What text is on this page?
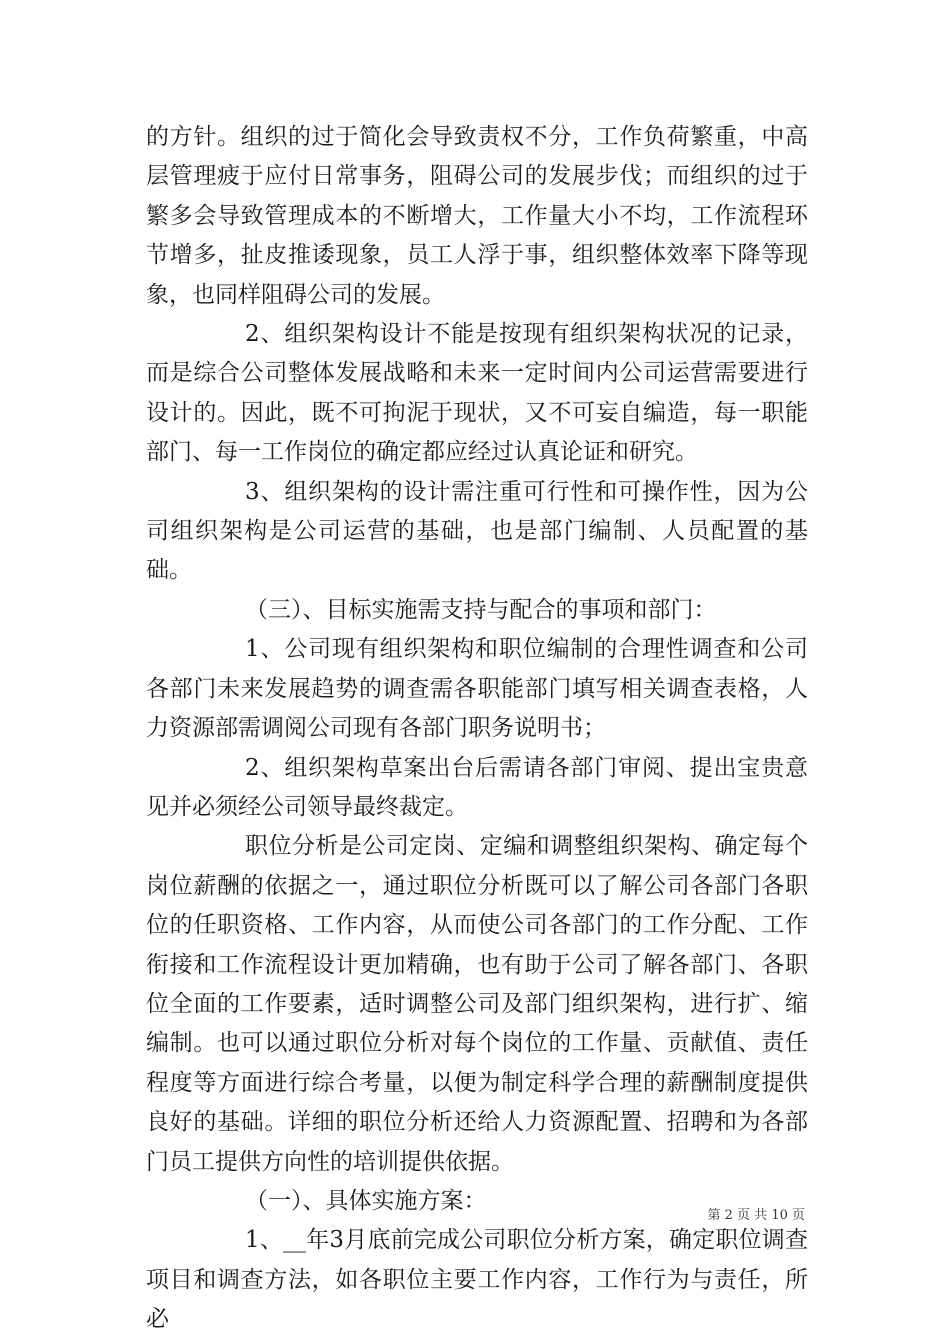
的方针。组织的过于简化会导致责权不分，工作负荷繁重，中高层管理疲于应付日常事务，阻碍公司的发展步伐；而组织的过于繁多会导致管理成本的不断增大，工作量大小不均，工作流程环节增多，扯皮推诿现象，员工人浮于事，组织整体效率下降等现象，也同样阻碍公司的发展。

2、组织架构设计不能是按现有组织架构状况的记录，而是综合公司整体发展战略和未来一定时间内公司运营需要进行设计的。因此，既不可拘泥于现状，又不可妄自编造，每一职能部门、每一工作岗位的确定都应经过认真论证和研究。

3、组织架构的设计需注重可行性和可操作性，因为公司组织架构是公司运营的基础，也是部门编制、人员配置的基础。

（三）、目标实施需支持与配合的事项和部门：

1、公司现有组织架构和职位编制的合理性调查和公司各部门未来发展趋势的调查需各职能部门填写相关调查表格，人力资源部需调阅公司现有各部门职务说明书；

2、组织架构草案出台后需请各部门审阅、提出宝贵意见并必须经公司领导最终裁定。

职位分析是公司定岗、定编和调整组织架构、确定每个岗位薪酬的依据之一，通过职位分析既可以了解公司各部门各职位的任职资格、工作内容，从而使公司各部门的工作分配、工作衔接和工作流程设计更加精确，也有助于公司了解各部门、各职位全面的工作要素，适时调整公司及部门组织架构，进行扩、缩编制。也可以通过职位分析对每个岗位的工作量、贡献值、责任程度等方面进行综合考量，以便为制定科学合理的薪酬制度提供良好的基础。详细的职位分析还给人力资源配置、招聘和为各部门员工提供方向性的培训提供依据。

（一）、具体实施方案：

1、__年3月底前完成公司职位分析方案，确定职位调查项目和调查方法，如各职位主要工作内容，工作行为与责任，所必

第 2 页 共 10 页
